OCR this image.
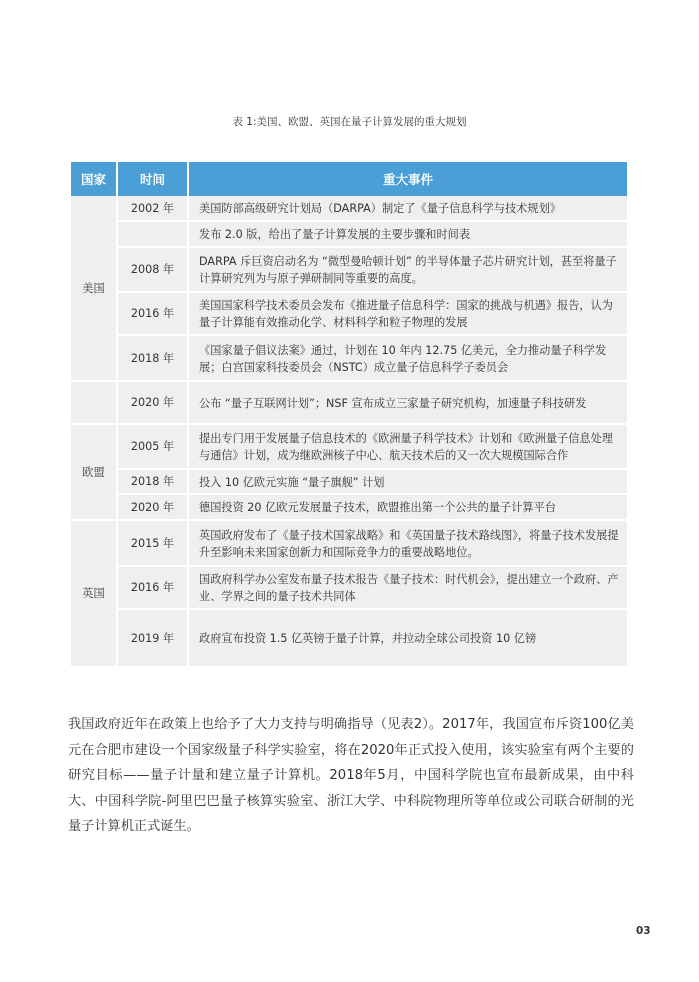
表 1:美国、欧盟、英国在量子计算发展的重大规划
国家	时间	重大事件
美国	2002 年	美国防部高级研究计划局（DARPA）制定了《量子信息科学与技术规划》
		发布 2.0 版，给出了量子计算发展的主要步骤和时间表
	2008 年	DARPA 斥巨资启动名为 “微型曼哈顿计划” 的半导体量子芯片研究计划，甚至将量子计算研究列为与原子弹研制同等重要的高度。
	2016 年	美国国家科学技术委员会发布《推进量子信息科学：国家的挑战与机遇》报告，认为量子计算能有效推动化学、材料科学和粒子物理的发展
	2018 年	《国家量子倡议法案》通过，计划在 10 年内 12.75 亿美元，全力推动量子科学发展；白宫国家科技委员会（NSTC）成立量子信息科学子委员会
	2020 年	公布 “量子互联网计划”；NSF 宣布成立三家量子研究机构，加速量子科技研发
欧盟	2005 年	提出专门用于发展量子信息技术的《欧洲量子科学技术》计划和《欧洲量子信息处理与通信》计划，成为继欧洲核子中心、航天技术后的又一次大规模国际合作
	2018 年	投入 10 亿欧元实施 “量子旗舰” 计划
	2020 年	德国投资 20 亿欧元发展量子技术，欧盟推出第一个公共的量子计算平台
英国	2015 年	英国政府发布了《量子技术国家战略》和《英国量子技术路线图》，将量子技术发展提升至影响未来国家创新力和国际竞争力的重要战略地位。
	2016 年	国政府科学办公室发布量子技术报告《量子技术：时代机会》，提出建立一个政府、产业、学界之间的量子技术共同体
	2019 年	政府宣布投资 1.5 亿英镑于量子计算，并拉动全球公司投资 10 亿镑
我国政府近年在政策上也给予了大力支持与明确指导（见表2）。2017年，我国宣布斥资100亿美元在合肥市建设一个国家级量子科学实验室，将在2020年正式投入使用，该实验室有两个主要的研究目标——量子计量和建立量子计算机。2018年5月，中国科学院也宣布最新成果，由中科大、中国科学院-阿里巴巴量子核算实验室、浙江大学、中科院物理所等单位或公司联合研制的光量子计算机正式诞生。
03
